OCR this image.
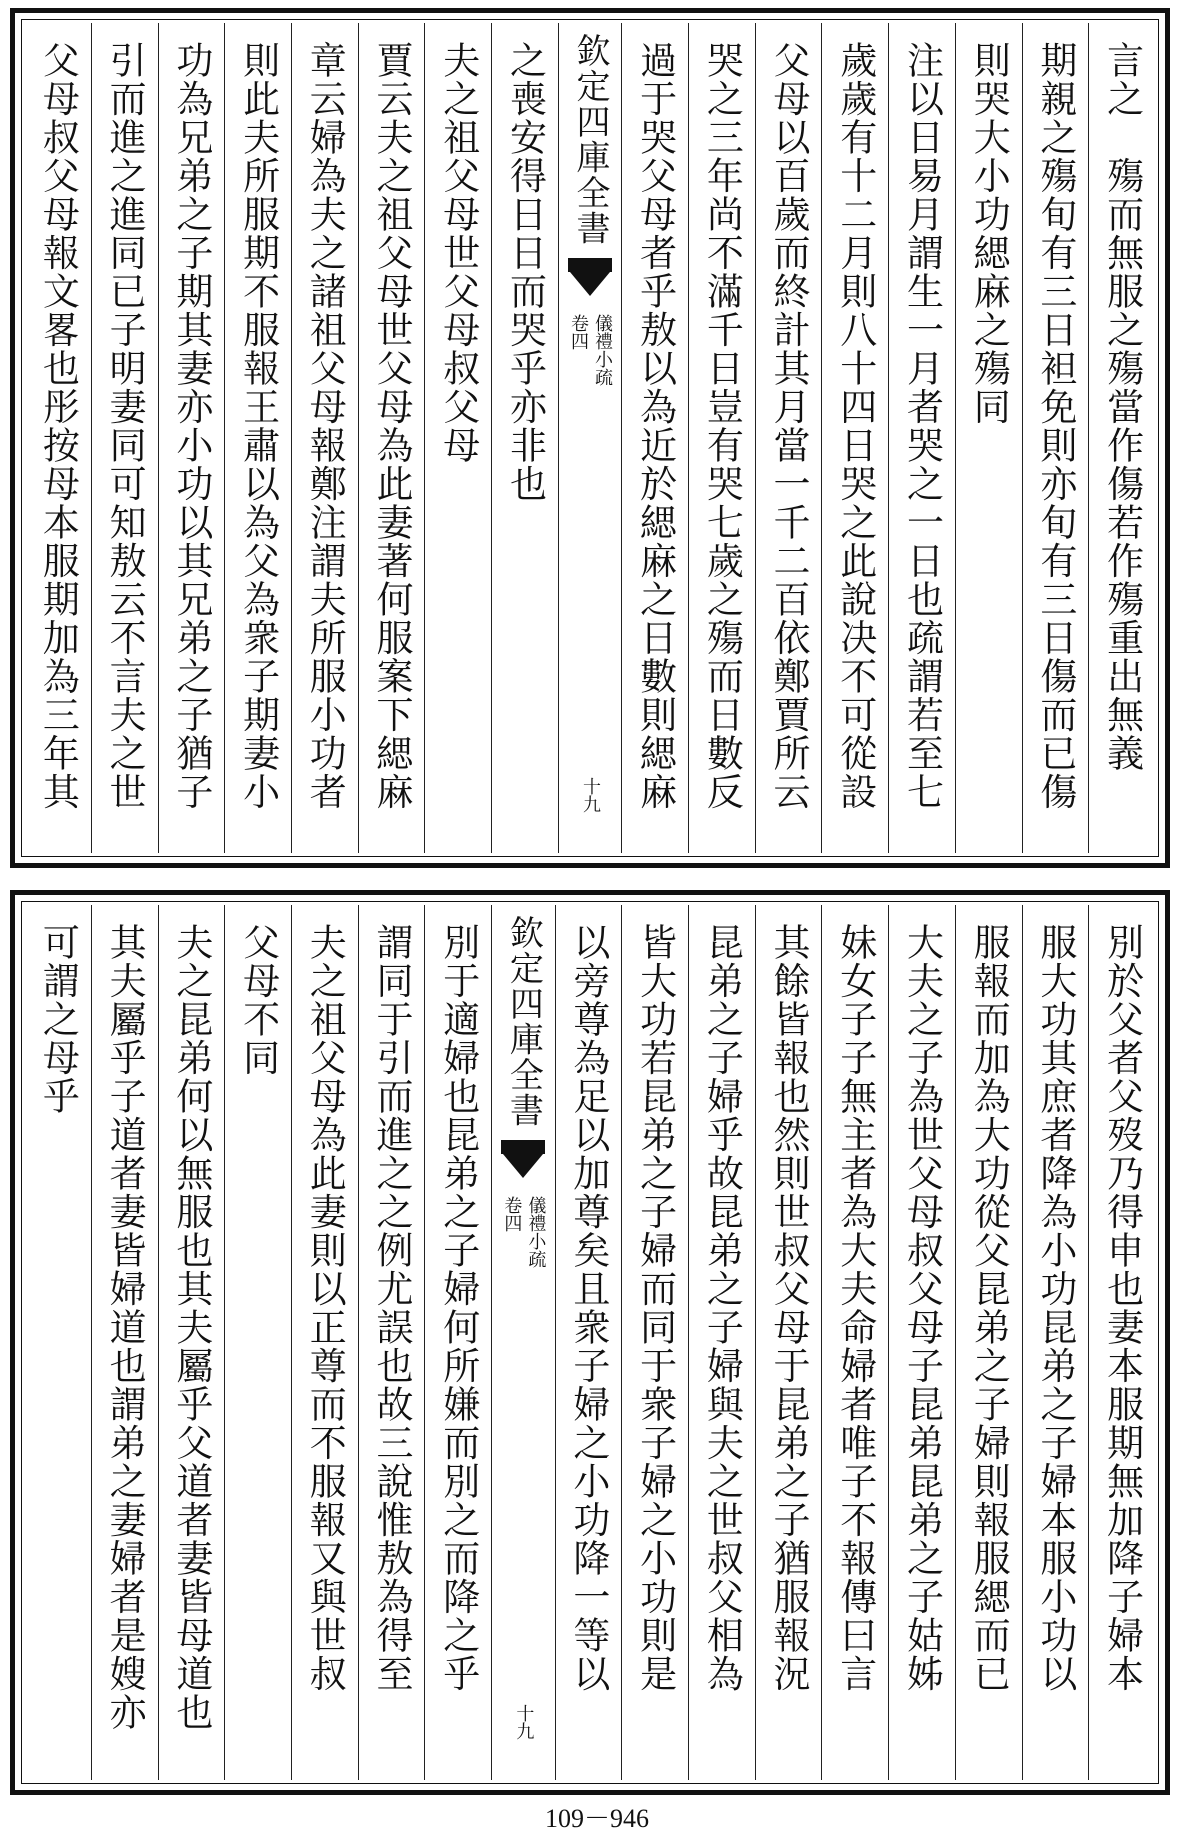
言之　殤而無服之殤當作傷若作殤重出無義
期親之殤旬有三日袒免則亦旬有三日傷而已傷
則哭大小功緦麻之殤同
注以日易月謂生一月者哭之一日也疏謂若至七
歲歲有十二月則八十四日哭之此說决不可從設
父母以百歲而終計其月當一千二百依鄭賈所云
哭之三年尚不滿千日豈有哭七歲之殤而日數反
過于哭父母者乎敖以為近於緦麻之日數則緦麻
欽定四庫全書
儀禮小疏
卷四
十九
之喪安得日日而哭乎亦非也
夫之祖父母世父母叔父母
賈云夫之祖父母世父母為此妻著何服案下緦麻
章云婦為夫之諸祖父母報鄭注謂夫所服小功者
則此夫所服期不服報王肅以為父為衆子期妻小
功為兄弟之子期其妻亦小功以其兄弟之子猶子
引而進之進同已子明妻同可知敖云不言夫之世
父母叔父母報文畧也彤按母本服期加為三年其
別於父者父歿乃得申也妻本服期無加降子婦本
服大功其庶者降為小功昆弟之子婦本服小功以
服報而加為大功從父昆弟之子婦則報服緦而已
大夫之子為世父母叔父母子昆弟昆弟之子姑姊
妹女子子無主者為大夫命婦者唯子不報傳曰言
其餘皆報也然則世叔父母于昆弟之子猶服報況
昆弟之子婦乎故昆弟之子婦與夫之世叔父相為
皆大功若昆弟之子婦而同于衆子婦之小功則是
以旁尊為足以加尊矣且衆子婦之小功降一等以
欽定四庫全書
儀禮小疏
卷四
十九
別于適婦也昆弟之子婦何所嫌而別之而降之乎
謂同于引而進之之例尤誤也故三說惟敖為得至
夫之祖父母為此妻則以正尊而不服報又與世叔
父母不同
夫之昆弟何以無服也其夫屬乎父道者妻皆母道也
其夫屬乎子道者妻皆婦道也謂弟之妻婦者是嫂亦
可謂之母乎
109－946
